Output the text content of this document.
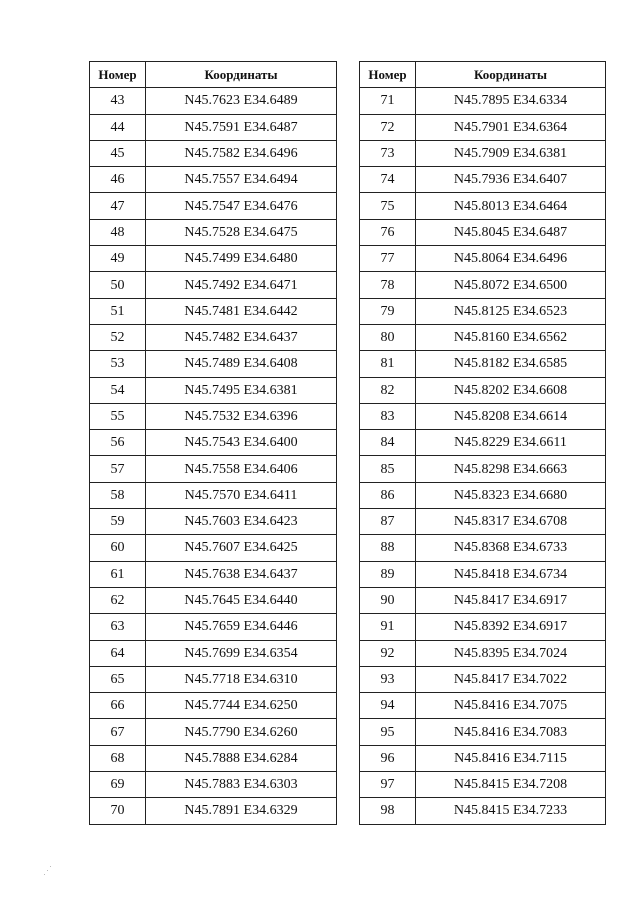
Номер	Координаты
43	N45.7623 E34.6489
44	N45.7591 E34.6487
45	N45.7582 E34.6496
46	N45.7557 E34.6494
47	N45.7547 E34.6476
48	N45.7528 E34.6475
49	N45.7499 E34.6480
50	N45.7492 E34.6471
51	N45.7481 E34.6442
52	N45.7482 E34.6437
53	N45.7489 E34.6408
54	N45.7495 E34.6381
55	N45.7532 E34.6396
56	N45.7543 E34.6400
57	N45.7558 E34.6406
58	N45.7570 E34.6411
59	N45.7603 E34.6423
60	N45.7607 E34.6425
61	N45.7638 E34.6437
62	N45.7645 E34.6440
63	N45.7659 E34.6446
64	N45.7699 E34.6354
65	N45.7718 E34.6310
66	N45.7744 E34.6250
67	N45.7790 E34.6260
68	N45.7888 E34.6284
69	N45.7883 E34.6303
70	N45.7891 E34.6329
Номер	Координаты
71	N45.7895 E34.6334
72	N45.7901 E34.6364
73	N45.7909 E34.6381
74	N45.7936 E34.6407
75	N45.8013 E34.6464
76	N45.8045 E34.6487
77	N45.8064 E34.6496
78	N45.8072 E34.6500
79	N45.8125 E34.6523
80	N45.8160 E34.6562
81	N45.8182 E34.6585
82	N45.8202 E34.6608
83	N45.8208 E34.6614
84	N45.8229 E34.6611
85	N45.8298 E34.6663
86	N45.8323 E34.6680
87	N45.8317 E34.6708
88	N45.8368 E34.6733
89	N45.8418 E34.6734
90	N45.8417 E34.6917
91	N45.8392 E34.6917
92	N45.8395 E34.7024
93	N45.8417 E34.7022
94	N45.8416 E34.7075
95	N45.8416 E34.7083
96	N45.8416 E34.7115
97	N45.8415 E34.7208
98	N45.8415 E34.7233
